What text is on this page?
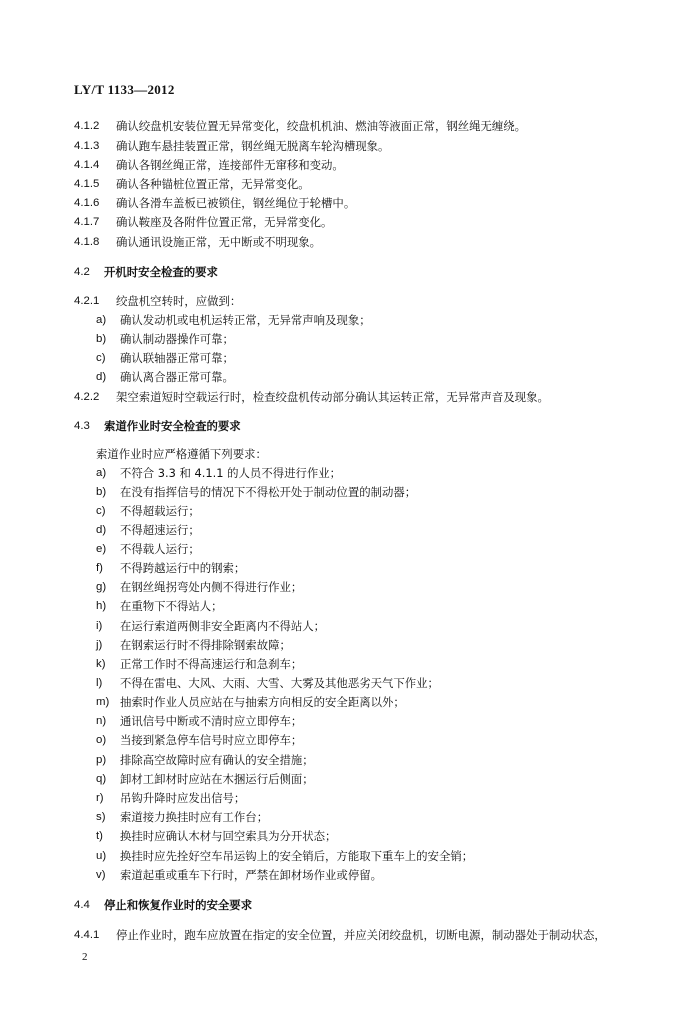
LY/T 1133—2012
4.1.2 确认绞盘机安装位置无异常变化，绞盘机机油、燃油等液面正常，钢丝绳无缠绕。
4.1.3 确认跑车悬挂装置正常，钢丝绳无脱离车轮沟槽现象。
4.1.4 确认各钢丝绳正常，连接部件无窜移和变动。
4.1.5 确认各种锚桩位置正常，无异常变化。
4.1.6 确认各滑车盖板已被锁住，钢丝绳位于轮槽中。
4.1.7 确认鞍座及各附件位置正常，无异常变化。
4.1.8 确认通讯设施正常，无中断或不明现象。
4.2 开机时安全检查的要求
4.2.1 绞盘机空转时，应做到：
a) 确认发动机或电机运转正常，无异常声响及现象；
b) 确认制动器操作可靠；
c) 确认联轴器正常可靠；
d) 确认离合器正常可靠。
4.2.2 架空索道短时空载运行时，检查绞盘机传动部分确认其运转正常，无异常声音及现象。
4.3 索道作业时安全检查的要求
索道作业时应严格遵循下列要求：
a) 不符合 3.3 和 4.1.1 的人员不得进行作业；
b) 在没有指挥信号的情况下不得松开处于制动位置的制动器；
c) 不得超载运行；
d) 不得超速运行；
e) 不得载人运行；
f) 不得跨越运行中的钢索；
g) 在钢丝绳拐弯处内侧不得进行作业；
h) 在重物下不得站人；
i) 在运行索道两侧非安全距离内不得站人；
j) 在钢索运行时不得排除钢索故障；
k) 正常工作时不得高速运行和急刹车；
l) 不得在雷电、大风、大雨、大雪、大雾及其他恶劣天气下作业；
m) 抽索时作业人员应站在与抽索方向相反的安全距离以外；
n) 通讯信号中断或不清时应立即停车；
o) 当接到紧急停车信号时应立即停车；
p) 排除高空故障时应有确认的安全措施；
q) 卸材工卸材时应站在木捆运行后侧面；
r) 吊钩升降时应发出信号；
s) 索道接力换挂时应有工作台；
t) 换挂时应确认木材与回空索具为分开状态；
u) 换挂时应先拴好空车吊运钩上的安全销后，方能取下重车上的安全销；
v) 索道起重或重车下行时，严禁在卸材场作业或停留。
4.4 停止和恢复作业时的安全要求
4.4.1 停止作业时，跑车应放置在指定的安全位置，并应关闭绞盘机，切断电源，制动器处于制动状态，
2
